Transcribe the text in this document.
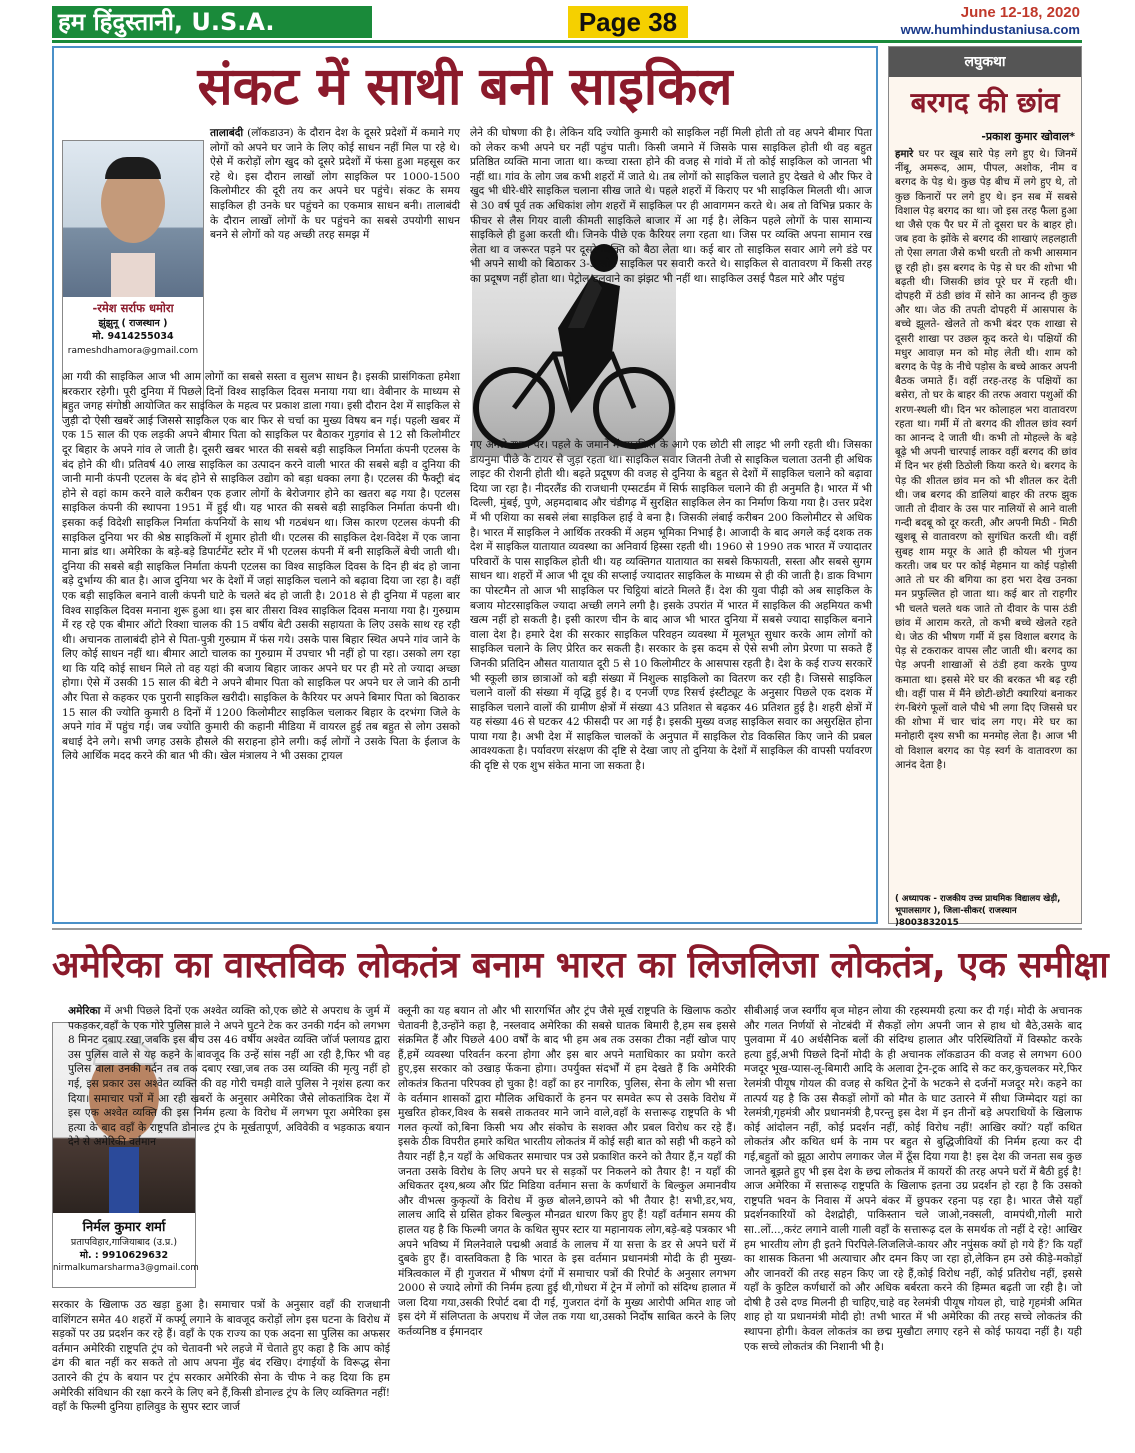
हम हिंदुस्तानी, U.S.A.	Page 38	June 12-18, 2020
www.humhindustaniusa.com
संकट में साथी बनी साइकिल
-रमेश सर्राफ धमोरा
झुंझुनू ( राजस्थान )
मो. 9414255034
rameshdhamora@gmail.com
तालाबंदी (लॉकडाउन) के दौरान देश के दूसरे प्रदेशों में कमाने गए लोगों को अपने घर जाने के लिए कोई साधन नहीं मिल पा रहे थे। ऐसे में करोड़ों लोग खुद को दूसरे प्रदेशों में फंसा हुआ महसूस कर रहे थे। इस दौरान लाखों लोग साइकिल पर 1000-1500 किलोमीटर की दूरी तय कर अपने घर पहुंचे। संकट के समय साइकिल ही उनके घर पहुंचने का एकमात्र साधन बनी। तालाबंदी के दौरान लाखों लोगों के घर पहुंचने का सबसे उपयोगी साधन बनने से लोगों को यह अच्छी तरह समझ में
आ गयी की साइकिल आज भी आम लोगों का सबसे सस्ता व सुलभ साधन है। इसकी प्रासंगिकता हमेशा बरकरार रहेगी। पूरी दुनिया में पिछले दिनों विश्व साइकिल दिवस मनाया गया था। वेबीनार के माध्यम से बहुत जगह संगोष्ठी आयोजित कर साइकिल के महत्व पर प्रकाश डाला गया। इसी दौरान देश में साइकिल से जुड़ी दो ऐसी खबरें आई जिससे साइकिल एक बार फिर से चर्चा का मुख्य विषय बन गई। पहली खबर में एक 15 साल की एक लड़की अपने बीमार पिता को साइकिल पर बैठाकर गुड़गांव से 12 सौ किलोमीटर दूर बिहार के अपने गांव ले जाती है। दूसरी खबर भारत की सबसे बड़ी साइकिल निर्माता कंपनी एटलस के बंद होने की थी। प्रतिवर्ष 40 लाख साइकिल का उत्पादन करने वाली भारत की सबसे बड़ी व दुनिया की जानी मानी कंपनी एटलस के बंद होने से साइकिल उद्योग को बड़ा धक्का लगा है। एटलस की फैक्ट्री बंद होने से वहां काम करने वाले करीबन एक हजार लोगों के बेरोजगार होने का खतरा बढ़ गया है। एटलस साइकिल कंपनी की स्थापना 1951 में हुई थी। यह भारत की सबसे बड़ी साइकिल निर्माता कंपनी थी। इसका कई विदेशी साइकिल निर्माता कंपनियों के साथ भी गठबंधन था। जिस कारण एटलस कंपनी की साइकिल दुनिया भर की श्रेष्ठ साइकिलों में शुमार होती थी। एटलस की साइकिल देश-विदेश में एक जाना माना ब्रांड था। अमेरिका के बड़े-बड़े डिपार्टमेंट स्टोर में भी एटलस कंपनी में बनी साइकिलें बेची जाती थी। दुनिया की सबसे बड़ी साइकिल निर्माता कंपनी एटलस का विश्व साइकिल दिवस के दिन ही बंद हो जाना बड़े दुर्भाग्य की बात है। आज दुनिया भर के देशों में जहां साइकिल चलाने को बढ़ावा दिया जा रहा है। वहीं एक बड़ी साइकिल बनाने वाली कंपनी घाटे के चलते बंद हो जाती है। 2018 से ही दुनिया में पहला बार विश्व साइकिल दिवस मनाना शुरू हुआ था। इस बार तीसरा विश्व साइकिल दिवस मनाया गया है। गुरुग्राम में रह रहे एक बीमार ऑटो रिक्शा चालक की 15 वर्षीय बेटी उसकी सहायता के लिए उसके साथ रह रही थी। अचानक तालाबंदी होने से पिता-पुत्री गुरुग्राम में फंस गये। उसके पास बिहार स्थित अपने गांव जाने के लिए कोई साधन नहीं था। बीमार आटो चालक का गुरुग्राम में उपचार भी नहीं हो पा रहा। उसको लग रहा था कि यदि कोई साधन मिले तो वह यहां की बजाय बिहार जाकर अपने घर पर ही मरे तो ज्यादा अच्छा होगा। ऐसे में उसकी 15 साल की बेटी ने अपने बीमार पिता को साइकिल पर अपने घर ले जाने की ठानी और पिता से कहकर एक पुरानी साइकिल खरीदी। साइकिल के कैरियर पर अपने बिमार पिता को बिठाकर 15 साल की ज्योति कुमारी 8 दिनों में 1200 किलोमीटर साइकिल चलाकर बिहार के दरभंगा जिले के अपने गांव में पहुंच गई। जब ज्योति कुमारी की कहानी मीडिया में वायरल हुई तब बहुत से लोग उसको बधाई देने लगे। सभी जगह उसके हौसले की सराहना होने लगी। कई लोगों ने उसके पिता के ईलाज के लिये आर्थिक मदद करने की बात भी की। खेल मंत्रालय ने भी उसका ट्रायल
लेने की घोषणा की है। लेकिन यदि ज्योति कुमारी को साइकिल नहीं मिली होती तो वह अपने बीमार पिता को लेकर कभी अपने घर नहीं पहुंच पाती। किसी जमाने में जिसके पास साइकिल होती थी वह बहुत प्रतिष्ठित व्यक्ति माना जाता था। कच्चा रास्ता होने की वजह से गांवो में तो कोई साइकिल को जानता भी नहीं था। गांव के लोग जब कभी शहरों में जाते थे। तब लोगों को साइकिल चलाते हुए देखते थे और फिर वे खुद भी धीरे-धीरे साइकिल चलाना सीख जाते थे। पहले शहरों में किराए पर भी साइकिल मिलती थी। आज से 30 वर्ष पूर्व तक अधिकांश लोग शहरों में साइकिल पर ही आवागमन करते थे। अब तो विभिन्न प्रकार के फीचर से लैस गियर वाली कीमती साइकिले बाजार में आ गई है। लेकिन पहले लोगों के पास सामान्य साइकिले ही हुआ करती थी। जिनके पीछे एक कैरियर लगा रहता था। जिस पर व्यक्ति अपना सामान रख लेता था व जरूरत पड़ने पर दूसरे व्यक्ति को बैठा लेता था। कई बार तो साइकिल सवार आगे लगे डंडे पर भी अपने साथी को बिठाकर 3-3 लोग साइकिल पर सवारी करते थे। साइकिल से वातावरण में किसी तरह का प्रदूषण नहीं होता था। पेट्रोल डलवाने का झंझट भी नहीं था। साइकिल उसई पैडल मारे और पहुंच
गए अगले स्थान पर। पहले के जमाने में साइकिल के आगे एक छोटी सी लाइट भी लगी रहती थी। जिसका डायनुमा पीछे के टायर से जुड़ा रहता था। साइकिल सवार जितनी तेजी से साइकिल चलाता उतनी ही अधिक लाइट की रोशनी होती थी। बढ़ते प्रदूषण की वजह से दुनिया के बहुत से देशों में साइकिल चलाने को बढ़ावा दिया जा रहा है। नीदरलैंड की राजधानी एम्सटर्डम में सिर्फ साइकिल चलाने की ही अनुमति है। भारत में भी दिल्ली, मुंबई, पुणे, अहमदाबाद और चंडीगढ़ में सुरक्षित साइकिल लेन का निर्माण किया गया है। उत्तर प्रदेश में भी एशिया का सबसे लंबा साइकिल हाई वे बना है। जिसकी लंबाई करीबन 200 किलोमीटर से अधिक है। भारत में साइकिल ने आर्थिक तरक्की में अहम भूमिका निभाई है। आजादी के बाद अगले कई दशक तक देश में साइकिल यातायात व्यवस्था का अनिवार्य हिस्सा रहती थी। 1960 से 1990 तक भारत में ज्यादातर परिवारों के पास साइकिल होती थी। यह व्यक्तिगत यातायात का सबसे किफायती, सस्ता और सबसे सुगम साधन था। शहरों में आज भी दूध की सप्लाई ज्यादातर साइकिल के माध्यम से ही की जाती है। डाक विभाग का पोस्टमैन तो आज भी साइकिल पर चिट्ठियां बांटते मिलते हैं। देश की युवा पीढ़ी को अब साइकिल के बजाय मोटरसाइकिल ज्यादा अच्छी लगने लगी है। इसके उपरांत में भारत में साइकिल की अहमियत कभी खत्म नहीं हो सकती है। इसी कारण चीन के बाद आज भी भारत दुनिया में सबसे ज्यादा साइकिल बनाने वाला देश है। हमारे देश की सरकार साइकिल परिवहन व्यवस्था में मूलभूत सुधार करके आम लोगों को साइकिल चलाने के लिए प्रेरित कर सकती है। सरकार के इस कदम से ऐसे सभी लोग प्रेरणा पा सकते हैं जिनकी प्रतिदिन औसत यातायात दूरी 5 से 10 किलोमीटर के आसपास रहती है। देश के कई राज्य सरकारें भी स्कूली छात्र छात्राओं को बड़ी संख्या में निशुल्क साइकिलो का वितरण कर रही है। जिससे साइकिल चलाने वालों की संख्या में वृद्धि हुई है। द एनर्जी एण्ड रिसर्च इंस्टीट्यूट के अनुसार पिछले एक दशक में साइकिल चलाने वालों की ग्रामीण क्षेत्रों में संख्या 43 प्रतिशत से बढ़कर 46 प्रतिशत हुई है। शहरी क्षेत्रों में यह संख्या 46 से घटकर 42 फीसदी पर आ गई है। इसकी मुख्य वजह साइकिल सवार का असुरक्षित होना पाया गया है। अभी देश में साइकिल चालकों के अनुपात में साइकिल रोड विकसित किए जाने की प्रबल आवश्यकता है। पर्यावरण संरक्षण की दृष्टि से देखा जाए तो दुनिया के देशों में साइकिल की वापसी पर्यावरण की दृष्टि से एक शुभ संकेत माना जा सकता है।
लघुकथा
बरगद की छांव
-प्रकाश कुमार खोवाल*
हमारे घर पर खूब सारे पेड़ लगे हुए थे। जिनमें नींबू, अमरूद, आम, पीपल, अशोक, नीम व बरगद के पेड़ थे। कुछ पेड़ बीच में लगे हुए थे, तो कुछ किनारों पर लगे हुए थे। इन सब में सबसे विशाल पेड़ बरगद का था। जो इस तरह फैला हुआ था जैसे एक पैर घर में तो दूसरा घर के बाहर हो। जब हवा के झोंके से बरगद की शाखाएं लहलहाती तो ऐसा लगता जैसे कभी धरती तो कभी आसमान छू रही हो। इस बरगद के पेड़ से घर की शोभा भी बढ़ती थी। जिसकी छांव पूरे घर में रहती थी। दोपहरी में ठंडी छांव में सोने का आनन्द ही कुछ और था। जेठ की तपती दोपहरी में आसपास के बच्चे झूलते- खेलते तो कभी बंदर एक शाखा से दूसरी शाखा पर उछल कूद करते थे। पक्षियों की मधुर आवाज़ मन को मोह लेती थी। शाम को बरगद के पेड़ के नीचे पड़ोस के बच्चे आकर अपनी बैठक जमाते हैं। वहीं तरह-तरह के पक्षियों का बसेरा, तो घर के बाहर की तरफ अवारा पशुओं की शरण-स्थली थी। दिन भर कोलाहल भरा वातावरण रहता था। गर्मी में तो बरगद की शीतल छांव स्वर्ग का आनन्द दे जाती थी। कभी तो मोहल्ले के बड़े बूढ़े भी अपनी चारपाई लाकर वहीं बरगद की छांव में दिन भर हंसी ठिठोली किया करते थे। बरगद के पेड़ की शीतल छांव मन को भी शीतल कर देती थी। जब बरगद की डालियां बाहर की तरफ झुक जाती तो दीवार के उस पार नालियों से आने वाली गन्दी बदबू को दूर करती, और अपनी मिठी - मिठी खुशबू से वातावरण को सुगंधित करती थी। वहीं सुबह शाम मयूर के आते ही कोयल भी गुंजन करती। जब घर पर कोई मेहमान या कोई पड़ोसी आते तो घर की बगिया का हरा भरा देख उनका मन प्रफुल्लित हो जाता था। कई बार तो राहगीर भी चलते चलते थक जाते तो दीवार के पास ठंडी छांव में आराम करते, तो कभी बच्चे खेलते रहते थे। जेठ की भीषण गर्मी में इस विशाल बरगद के पेड़ से टकराकर वापस लौट जाती थी। बरगद का पेड़ अपनी शाखाओं से ठंडी हवा करके पुण्य कमाता था। इससे मेरे घर की बरकत भी बढ़ रही थी। वहीं पास में मैंने छोटी-छोटी क्यारियां बनाकर रंग-बिरंगे फूलों वाले पौधे भी लगा दिए जिससे घर की शोभा में चार चांद लग गए। मेरे घर का मनोहारी दृश्य सभी का मनमोह लेता है। आज भी वो विशाल बरगद का पेड़ स्वर्ग के वातावरण का आनंद देता है।
( अध्यापक - राजकीय उच्च प्राथमिक विद्यालय खेड़ी, भूपालसागर ), जिला-सीकर( राजस्थान )8003832015
अमेरिका का वास्तविक लोकतंत्र बनाम भारत का लिजलिजा लोकतंत्र, एक समीक्षा
निर्मल कुमार शर्मा
प्रतापविहार,गाजियाबाद (उ.प्र.)
मो. : 9910629632
nirmalkumarsharma3@gmail.com
अमेरिका में अभी पिछले दिनों एक अश्वेत व्यक्ति को,एक छोटे से अपराध के जुर्म में पकड़कर,वहाँ के एक गोरे पुलिस वाले ने अपने घुटने टेक कर उनकी गर्दन को लगभग 8 मिनट दबाए रखा,जबकि इस बीच उस 46 वर्षीय अश्वेत व्यक्ति जॉर्ज फ्लायड द्वारा उस पुलिस वाले से यह कहने के बावजूद कि उन्हें सांस नहीं आ रही है,फिर भी वह पुलिस वाला उनकी गर्दन तब तक दबाए रखा,जब तक उस व्यक्ति की मृत्यु नहीं हो गई, इस प्रकार उस अश्वेत व्यक्ति की वह गोरी चमड़ी वाले पुलिस ने नृशंस हत्या कर दिया। समाचार पत्रों में आ रही खबरों के अनुसार अमेरिका जैसे लोकतांत्रिक देश में इस एक अश्वेत व्यक्ति की इस निर्मम हत्या के विरोध में लगभग पूरा अमेरिका इस हत्या के बाद वहाँ के राष्ट्रपति डोनाल्ड ट्रंप के मूर्खतापूर्ण, अविवेकी व भड़काऊ बयान देने से अमेरिकी वर्तमान
सरकार के खिलाफ उठ खड़ा हुआ है। समाचार पत्रों के अनुसार वहाँ की राजधानी वाशिंगटन समेत 40 शहरों में कर्फ्यू लगाने के बावजूद करोड़ों लोग इस घटना के विरोध में सड़कों पर उग्र प्रदर्शन कर रहे हैं। वहाँ के एक राज्य का एक अदना सा पुलिस का अफसर वर्तमान अमेरिकी राष्ट्रपति ट्रंप को चेतावनी भरे लहजे में चेताते हुए कहा है कि आप कोई ढंग की बात नहीं कर सकते तो आप अपना मुँह बंद रखिए। दंगाईयों के विरूद्ध सेना उतारने की ट्रंप के बयान पर ट्रंप सरकार अमेरिकी सेना के चीफ ने कह दिया कि हम अमेरिकी संविधान की रक्षा करने के लिए बने हैं,किसी डोनाल्ड ट्रंप के लिए व्यक्तिगत नहीं! वहाँ के फिल्मी दुनिया हालिवुड के सुपर स्टार जार्ज
क्लूनी का यह बयान तो और भी सारगर्भित और ट्रंप जैसे मूर्ख राष्ट्रपति के खिलाफ कठोर चेतावनी है,उन्होंने कहा है, नस्लवाद अमेरिका की सबसे घातक बिमारी है,हम सब इससे संक्रमित हैं और पिछले 400 वर्षों के बाद भी हम अब तक उसका टीका नहीं खोज पाए हैं,हमें व्यवस्था परिवर्तन करना होगा और इस बार अपने मताधिकार का प्रयोग करते हुए,इस सरकार को उखाड़ फेंकना होगा। उपर्युक्त संदर्भों में हम देखते हैं कि अमेरिकी लोकतंत्र कितना परिपक्व हो चुका है! वहाँ का हर नागरिक, पुलिस, सेना के लोग भी सत्ता के वर्तमान शासकों द्वारा मौलिक अधिकारों के हनन पर समवेत रूप से उसके विरोध में मुखरित होकर,विश्व के सबसे ताकतवर माने जाने वाले,वहाँ के सत्तारूढ़ राष्ट्रपति के भी गलत कृत्यों को,बिना किसी भय और संकोच के सशक्त और प्रबल विरोध कर रहे हैं। इसके ठीक विपरीत हमारे कथित भारतीय लोकतंत्र में कोई सही बात को सही भी कहने को तैयार नहीं है,न यहाँ के अधिकतर समाचार पत्र उसे प्रकाशित करने को तैयार हैं,न यहाँ की जनता उसके विरोध के लिए अपने घर से सड़कों पर निकलने को तैयार है! न यहाँ की अधिकतर दृश्य,श्रव्य और प्रिंट मिडिया वर्तमान सत्ता के कर्णधारों के बिल्कुल अमानवीय और वीभत्स कुकृत्यों के विरोध में कुछ बोलने,छापने को भी तैयार है! सभी,डर,भय, लालच आदि से ग्रसित होकर बिल्कुल मौनव्रत धारण किए हुए हैं! यहाँ वर्तमान समय की हालत यह है कि फिल्मी जगत के कथित सुपर स्टार या महानायक लोग,बड़े-बड़े पत्रकार भी अपने भविष्य में मिलनेवाले पद्मश्री अवार्ड के लालच में या सत्ता के डर से अपने घरों में दुबके हुए हैं। वास्तविकता है कि भारत के इस वर्तमान प्रधानमंत्री मोदी के ही मुख्य-मंत्रित्वकाल में ही गुजरात में भीषण दंगों में समाचार पत्रों की रिपोर्ट के अनुसार लगभग 2000 से ज्यादे लोगों की निर्मम हत्या हुई थी,गोधरा में ट्रेन में लोगों को संदिग्ध हालात में जला दिया गया,उसकी रिपोर्ट दबा दी गई, गुजरात दंगों के मुख्य आरोपी अमित शाह जो इस दंगे में संलिप्तता के अपराध में जेल तक गया था,उसको निर्दोष साबित करने के लिए कर्तव्यनिष्ठ व ईमानदार
सीबीआई जज स्वर्गीय बृज मोहन लोया की रहस्यमयी हत्या कर दी गई। मोदी के अचानक और गलत निर्णयों से नोटबंदी में सैकड़ों लोग अपनी जान से हाथ धो बैठे,उसके बाद पुलवामा में 40 अर्धसैनिक बलों की संदिग्ध हालात और परिस्थितियों में विस्फोट करके हत्या हुई,अभी पिछले दिनों मोदी के ही अचानक लॉकडाउन की वजह से लगभग 600 मजदूर भूख-प्यास-लू-बिमारी आदि के अलावा ट्रेन-ट्रक आदि से कट कर,कुचलकर मरे,फिर रेलमंत्री पीयूष गोयल की वजह से कथित ट्रेनों के भटकने से दर्जनों मजदूर मरे। कहने का तात्पर्य यह है कि उस सैकड़ों लोगों को मौत के घाट उतारने में सीधा जिम्मेदार यहां का रेलमंत्री,गृहमंत्री और प्रधानमंत्री है,परन्तु इस देश में इन तीनों बड़े अपराधियों के खिलाफ कोई आंदोलन नहीं, कोई प्रदर्शन नहीं, कोई विरोध नहीं! आखिर क्यों? यहाँ कथित लोकतंत्र और कथित धर्म के नाम पर बहुत से बुद्धिजीवियों की निर्मम हत्या कर दी गई,बहुतों को झूठा आरोप लगाकर जेल में ठूँस दिया गया है! इस देश की जनता सब कुछ जानते बूझते हुए भी इस देश के छद्म लोकतंत्र में कायरों की तरह अपने घरों में बैठी हुई है! आज अमेरिका में सत्तारूढ़ राष्ट्रपति के खिलाफ इतना उग्र प्रदर्शन हो रहा है कि उसको राष्ट्रपति भवन के निवास में अपने बंकर में छुपकर रहना पड़ रहा है। भारत जैसे यहाँ प्रदर्शनकारियों को देशद्रोही, पाकिस्तान चले जाओ,नक्सली, वामपंथी,गोली मारो सा..लों...,करंट लगाने वाली गाली वहाँ के सत्तारूढ़ दल के समर्थक तो नहीं दे रहे! आखिर हम भारतीय लोग ही इतने पिरपिले-लिजलिजे-कायर और नपुंसक क्यों हो गये हैं? कि यहाँ का शासक कितना भी अत्याचार और दमन किए जा रहा हो,लेकिन हम उसे कीड़े-मकोड़ों और जानवरों की तरह सहन किए जा रहे हैं,कोई विरोध नहीं, कोई प्रतिरोध नहीं, इससे यहाँ के कुटिल कर्णधारों को और अधिक बर्बरता करने की हिम्मत बढ़ती जा रही है। जो दोषी है उसे दण्ड मिलनी ही चाहिए,चाहे वह रेलमंत्री पीयूष गोयल हो, चाहे गृहमंत्री अमित शाह हो या प्रधानमंत्री मोदी हो! तभी भारत में भी अमेरिका की तरह सच्चे लोकतंत्र की स्थापना होगी। केवल लोकतंत्र का छद्म मुखौटा लगाए रहने से कोई फायदा नहीं है। यही एक सच्चे लोकतंत्र की निशानी भी है।
